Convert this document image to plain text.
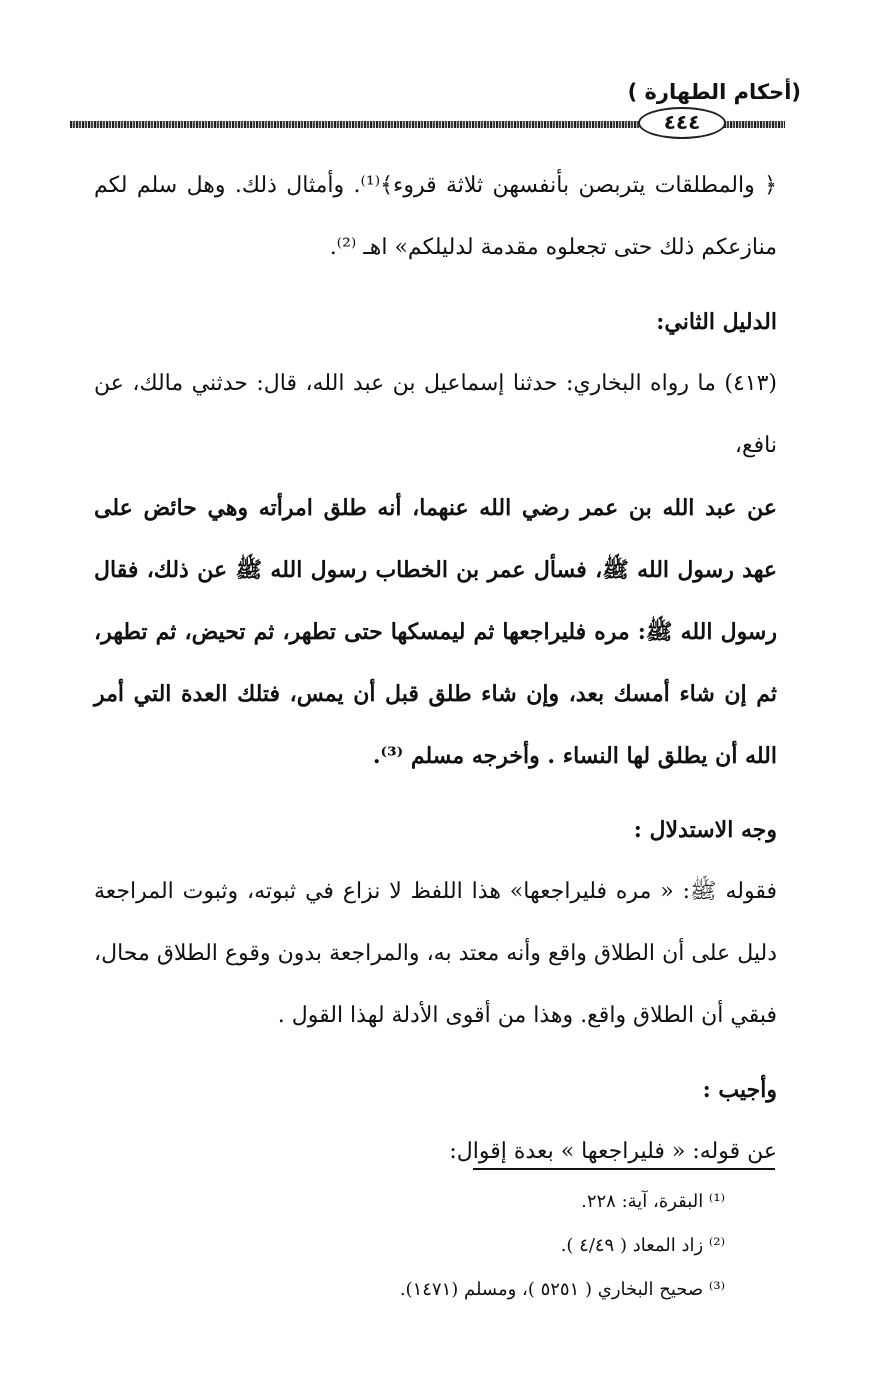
(أحكام الطهارة )
٤٤٤

﴿ والمطلقات يتربصن بأنفسهن ثلاثة قروء﴾⁽¹⁾. وأمثال ذلك. وهل سلم لكم منازعكم ذلك حتى تجعلوه مقدمة لدليلكم» اهـ ⁽²⁾.

الدليل الثاني:

(٤١٣) ما رواه البخاري: حدثنا إسماعيل بن عبد الله، قال: حدثني مالك، عن نافع،

عن عبد الله بن عمر رضي الله عنهما، أنه طلق امرأته وهي حائض على عهد رسول الله ﷺ، فسأل عمر بن الخطاب رسول الله ﷺ عن ذلك، فقال رسول الله ﷺ: مره فليراجعها ثم ليمسكها حتى تطهر، ثم تحيض، ثم تطهر، ثم إن شاء أمسك بعد، وإن شاء طلق قبل أن يمس، فتلك العدة التي أمر الله أن يطلق لها النساء . وأخرجه مسلم ⁽³⁾.

وجه الاستدلال :

فقوله ﷺ: « مره فليراجعها» هذا اللفظ لا نزاع في ثبوته، وثبوت المراجعة دليل على أن الطلاق واقع وأنه معتد به، والمراجعة بدون وقوع الطلاق محال، فبقي أن الطلاق واقع. وهذا من أقوى الأدلة لهذا القول .

وأجيب :

عن قوله: « فليراجعها » بعدة إقوال:

⁽¹⁾ البقرة، آية: ٢٢٨.
⁽²⁾ زاد المعاد ( ٤/٤٩ ).
⁽³⁾ صحيح البخاري ( ٥٢٥١ )، ومسلم (١٤٧١).
